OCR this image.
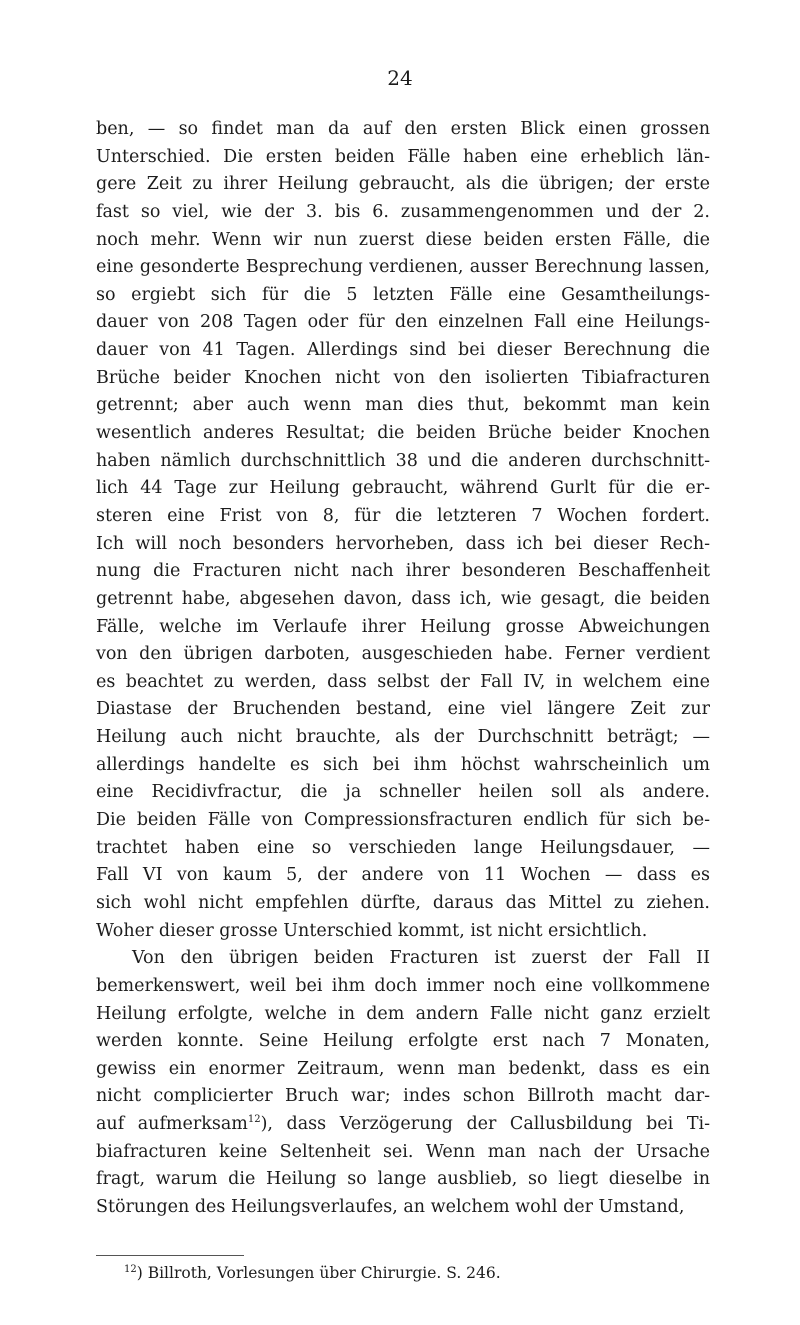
24
ben, — so findet man da auf den ersten Blick einen grossen
Unterschied. Die ersten beiden Fälle haben eine erheblich län-
gere Zeit zu ihrer Heilung gebraucht, als die übrigen; der erste
fast so viel, wie der 3. bis 6. zusammengenommen und der 2.
noch mehr. Wenn wir nun zuerst diese beiden ersten Fälle, die
eine gesonderte Besprechung verdienen, ausser Berechnung lassen,
so ergiebt sich für die 5 letzten Fälle eine Gesamtheilungs-
dauer von 208 Tagen oder für den einzelnen Fall eine Heilungs-
dauer von 41 Tagen. Allerdings sind bei dieser Berechnung die
Brüche beider Knochen nicht von den isolierten Tibiafracturen
getrennt; aber auch wenn man dies thut, bekommt man kein
wesentlich anderes Resultat; die beiden Brüche beider Knochen
haben nämlich durchschnittlich 38 und die anderen durchschnitt-
lich 44 Tage zur Heilung gebraucht, während Gurlt für die er-
steren eine Frist von 8, für die letzteren 7 Wochen fordert.
Ich will noch besonders hervorheben, dass ich bei dieser Rech-
nung die Fracturen nicht nach ihrer besonderen Beschaffenheit
getrennt habe, abgesehen davon, dass ich, wie gesagt, die beiden
Fälle, welche im Verlaufe ihrer Heilung grosse Abweichungen
von den übrigen darboten, ausgeschieden habe. Ferner verdient
es beachtet zu werden, dass selbst der Fall IV, in welchem eine
Diastase der Bruchenden bestand, eine viel längere Zeit zur
Heilung auch nicht brauchte, als der Durchschnitt beträgt; —
allerdings handelte es sich bei ihm höchst wahrscheinlich um
eine Recidivfractur, die ja schneller heilen soll als andere.
Die beiden Fälle von Compressionsfracturen endlich für sich be-
trachtet haben eine so verschieden lange Heilungsdauer, —
Fall VI von kaum 5, der andere von 11 Wochen — dass es
sich wohl nicht empfehlen dürfte, daraus das Mittel zu ziehen.
Woher dieser grosse Unterschied kommt, ist nicht ersichtlich.
Von den übrigen beiden Fracturen ist zuerst der Fall II
bemerkenswert, weil bei ihm doch immer noch eine vollkommene
Heilung erfolgte, welche in dem andern Falle nicht ganz erzielt
werden konnte. Seine Heilung erfolgte erst nach 7 Monaten,
gewiss ein enormer Zeitraum, wenn man bedenkt, dass es ein
nicht complicierter Bruch war; indes schon Billroth macht dar-
auf aufmerksam$^{12}$), dass Verzögerung der Callusbildung bei Ti-
biafracturen keine Seltenheit sei. Wenn man nach der Ursache
fragt, warum die Heilung so lange ausblieb, so liegt dieselbe in
Störungen des Heilungsverlaufes, an welchem wohl der Umstand,
$^{12}$) Billroth, Vorlesungen über Chirurgie. S. 246.
